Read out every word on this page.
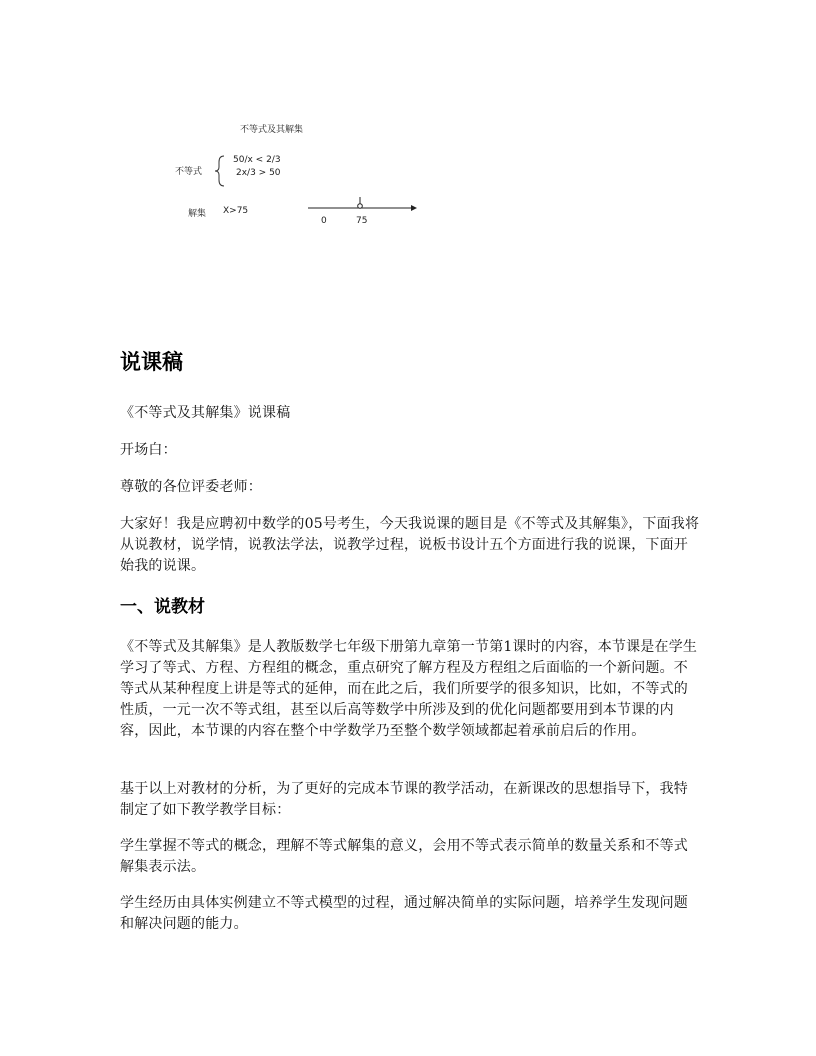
不等式及其解集
不等式
50/x < 2/3
2x/3 > 50
解集 X>75
0	75
说课稿

《不等式及其解集》说课稿

开场白：

尊敬的各位评委老师：

大家好！我是应聘初中数学的05号考生，今天我说课的题目是《不等式及其解集》，下面我将从说教材，说学情，说教法学法，说教学过程，说板书设计五个方面进行我的说课，下面开始我的说课。

一、说教材

《不等式及其解集》是人教版数学七年级下册第九章第一节第1课时的内容，本节课是在学生学习了等式、方程、方程组的概念，重点研究了解方程及方程组之后面临的一个新问题。不等式从某种程度上讲是等式的延伸，而在此之后，我们所要学的很多知识，比如，不等式的性质，一元一次不等式组，甚至以后高等数学中所涉及到的优化问题都要用到本节课的内容，因此，本节课的内容在整个中学数学乃至整个数学领域都起着承前启后的作用。

基于以上对教材的分析，为了更好的完成本节课的教学活动，在新课改的思想指导下，我特制定了如下教学教学目标：

学生掌握不等式的概念，理解不等式解集的意义，会用不等式表示简单的数量关系和不等式解集表示法。

学生经历由具体实例建立不等式模型的过程，通过解决简单的实际问题，培养学生发现问题和解决问题的能力。
